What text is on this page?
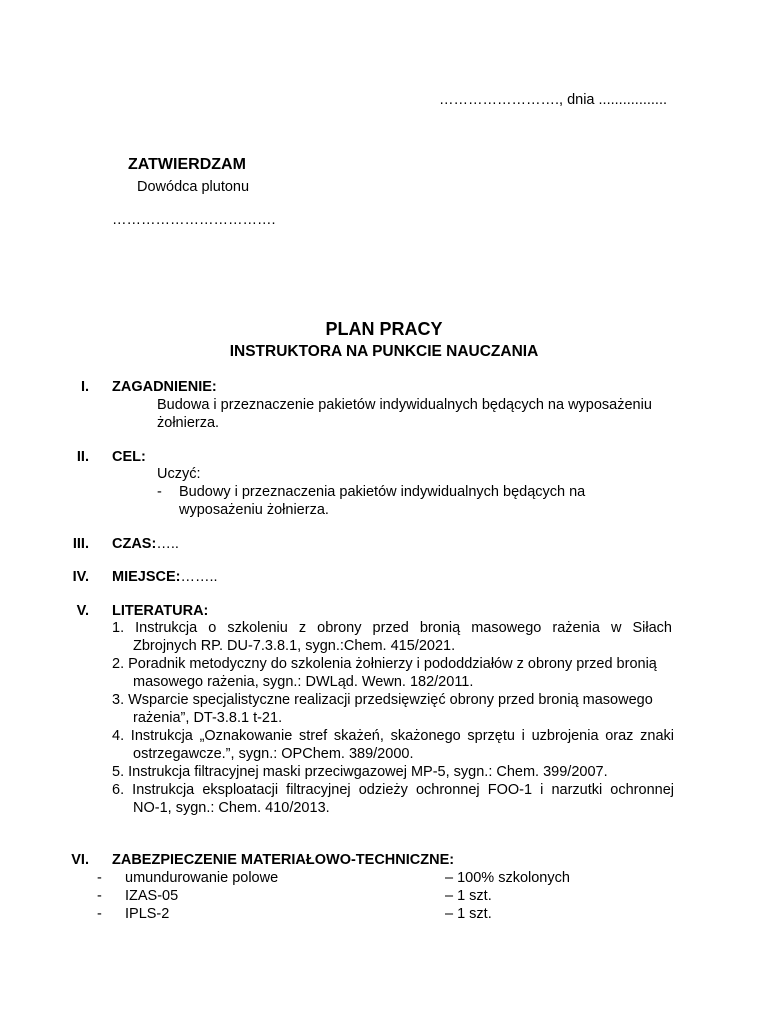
……………………., dnia .................
ZATWIERDZAM
Dowódca plutonu
…………………………….
PLAN PRACY
INSTRUKTORA NA PUNKCIE NAUCZANIA
I. ZAGADNIENIE:
Budowa i przeznaczenie pakietów indywidualnych będących na wyposażeniu
żołnierza.
II. CEL:
Uczyć:
- Budowy i przeznaczenia pakietów indywidualnych będących na
wyposażeniu żołnierza.
III. CZAS:…..
IV. MIEJSCE:……..
V. LITERATURA:
1. Instrukcja o szkoleniu z obrony przed bronią masowego rażenia w Siłach
Zbrojnych RP. DU-7.3.8.1, sygn.:Chem. 415/2021.
2. Poradnik metodyczny do szkolenia żołnierzy i pododdziałów z obrony przed bronią
masowego rażenia, sygn.: DWLąd. Wewn. 182/2011.
3. Wsparcie specjalistyczne realizacji przedsięwzięć obrony przed bronią masowego
rażenia”, DT-3.8.1 t-21.
4. Instrukcja „Oznakowanie stref skażeń, skażonego sprzętu i uzbrojenia oraz znaki
ostrzegawcze.”, sygn.: OPChem. 389/2000.
5. Instrukcja filtracyjnej maski przeciwgazowej MP-5, sygn.: Chem. 399/2007.
6. Instrukcja eksploatacji filtracyjnej odzieży ochronnej FOO-1 i narzutki ochronnej
NO-1, sygn.: Chem. 410/2013.
VI. ZABEZPIECZENIE MATERIAŁOWO-TECHNICZNE:
- umundurowanie polowe	– 100% szkolonych
- IZAS-05	– 1 szt.
- IPLS-2	– 1 szt.
